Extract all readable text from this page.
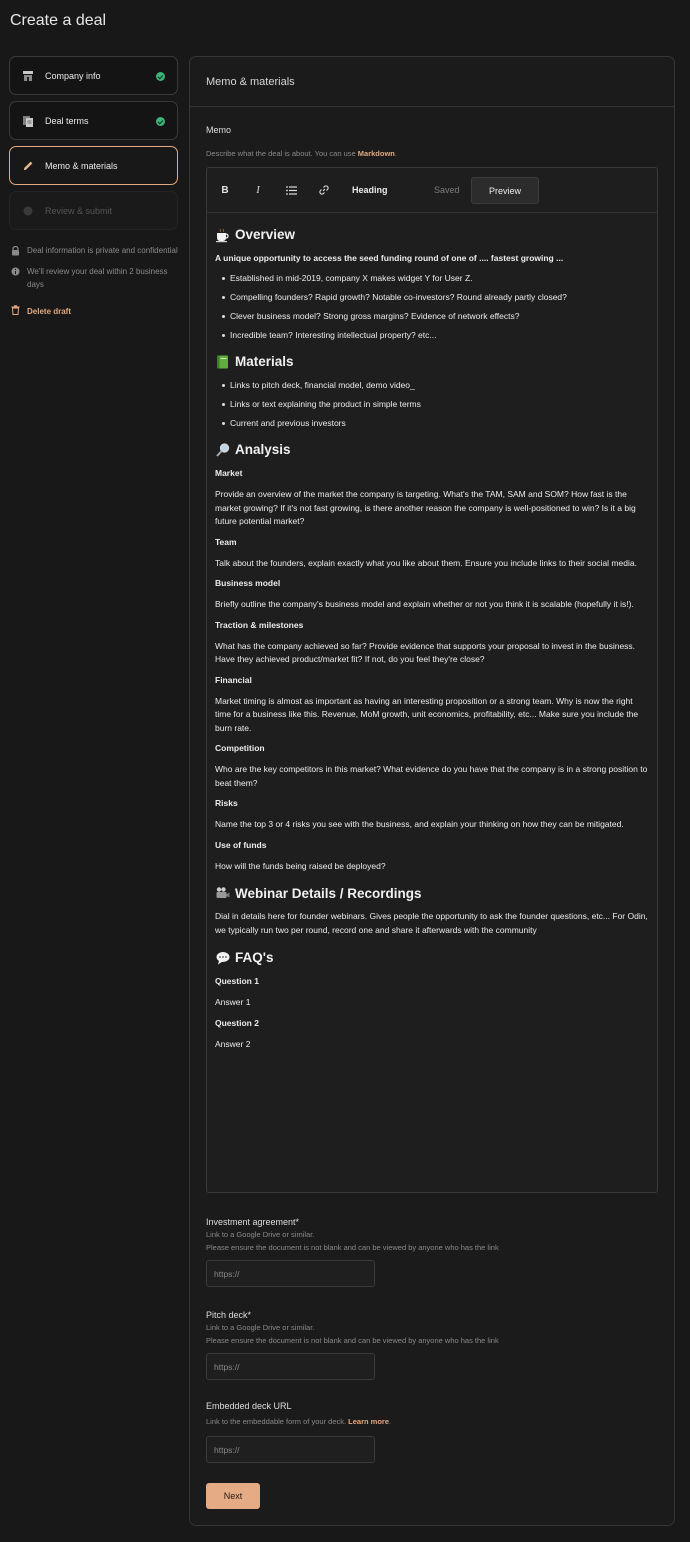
Create a deal
Company info
Deal terms
Memo & materials
Review & submit
Deal information is private and confidential
We'll review your deal within 2 business days
Delete draft
Memo & materials
Memo
Describe what the deal is about. You can use Markdown.
B	I	Heading	Saved	Preview
Overview
A unique opportunity to access the seed funding round of one of .... fastest growing ...
Established in mid-2019, company X makes widget Y for User Z.
Compelling founders? Rapid growth? Notable co-investors? Round already partly closed?
Clever business model? Strong gross margins? Evidence of network effects?
Incredible team? Interesting intellectual property? etc...
Materials
Links to pitch deck, financial model, demo video_
Links or text explaining the product in simple terms
Current and previous investors
Analysis
Market
Provide an overview of the market the company is targeting. What's the TAM, SAM and SOM? How fast is the market growing? If it's not fast growing, is there another reason the company is well-positioned to win? Is it a big future potential market?
Team
Talk about the founders, explain exactly what you like about them. Ensure you include links to their social media.
Business model
Briefly outline the company's business model and explain whether or not you think it is scalable (hopefully it is!).
Traction & milestones
What has the company achieved so far? Provide evidence that supports your proposal to invest in the business. Have they achieved product/market fit? If not, do you feel they're close?
Financial
Market timing is almost as important as having an interesting proposition or a strong team. Why is now the right time for a business like this. Revenue, MoM growth, unit economics, profitability, etc... Make sure you include the burn rate.
Competition
Who are the key competitors in this market? What evidence do you have that the company is in a strong position to beat them?
Risks
Name the top 3 or 4 risks you see with the business, and explain your thinking on how they can be mitigated.
Use of funds
How will the funds being raised be deployed?
Webinar Details / Recordings
Dial in details here for founder webinars. Gives people the opportunity to ask the founder questions, etc... For Odin, we typically run two per round, record one and share it afterwards with the community
FAQ's
Question 1
Answer 1
Question 2
Answer 2
Investment agreement*
Link to a Google Drive or similar.
Please ensure the document is not blank and can be viewed by anyone who has the link
https://
Pitch deck*
Link to a Google Drive or similar.
Please ensure the document is not blank and can be viewed by anyone who has the link
https://
Embedded deck URL
Link to the embeddable form of your deck. Learn more.
https://
Next
